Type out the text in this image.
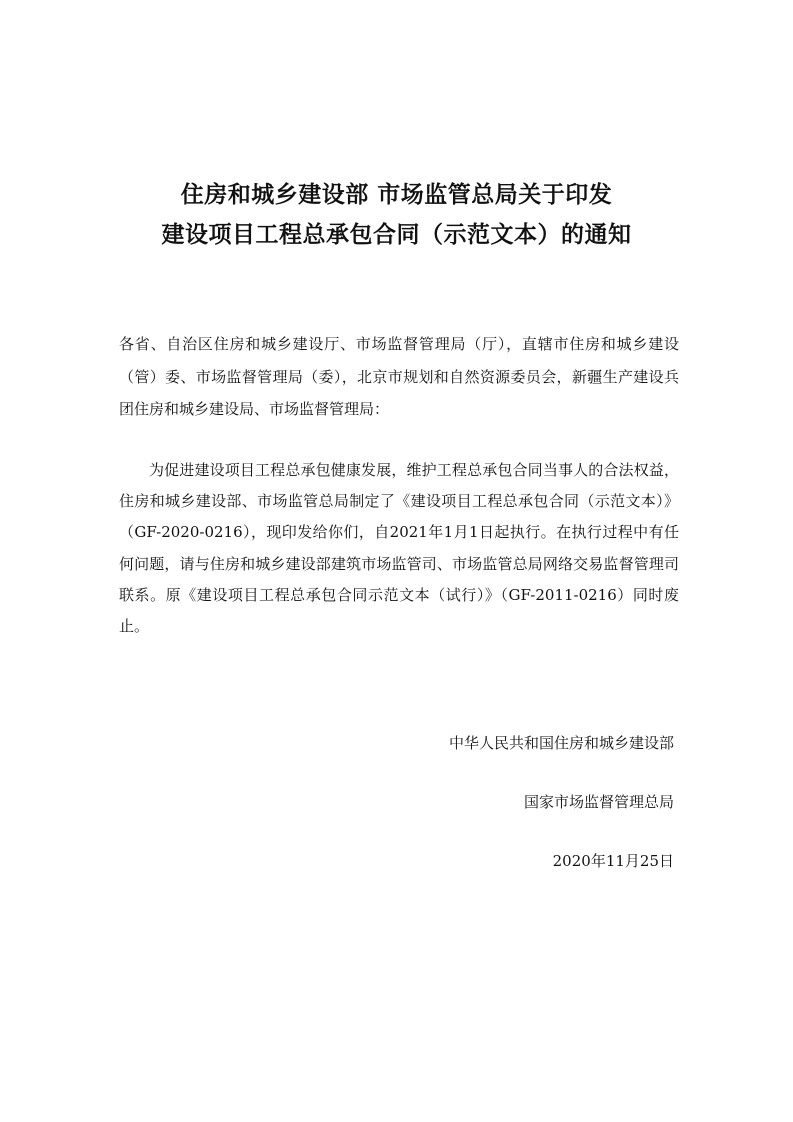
住房和城乡建设部 市场监管总局关于印发
建设项目工程总承包合同（示范文本）的通知

各省、自治区住房和城乡建设厅、市场监督管理局（厅），直辖市住房和城乡建设（管）委、市场监督管理局（委），北京市规划和自然资源委员会，新疆生产建设兵团住房和城乡建设局、市场监督管理局：

为促进建设项目工程总承包健康发展，维护工程总承包合同当事人的合法权益，住房和城乡建设部、市场监管总局制定了《建设项目工程总承包合同（示范文本）》（GF-2020-0216），现印发给你们，自2021年1月1日起执行。在执行过程中有任何问题，请与住房和城乡建设部建筑市场监管司、市场监管总局网络交易监督管理司联系。原《建设项目工程总承包合同示范文本（试行）》（GF-2011-0216）同时废止。

中华人民共和国住房和城乡建设部

国家市场监督管理总局

2020年11月25日
